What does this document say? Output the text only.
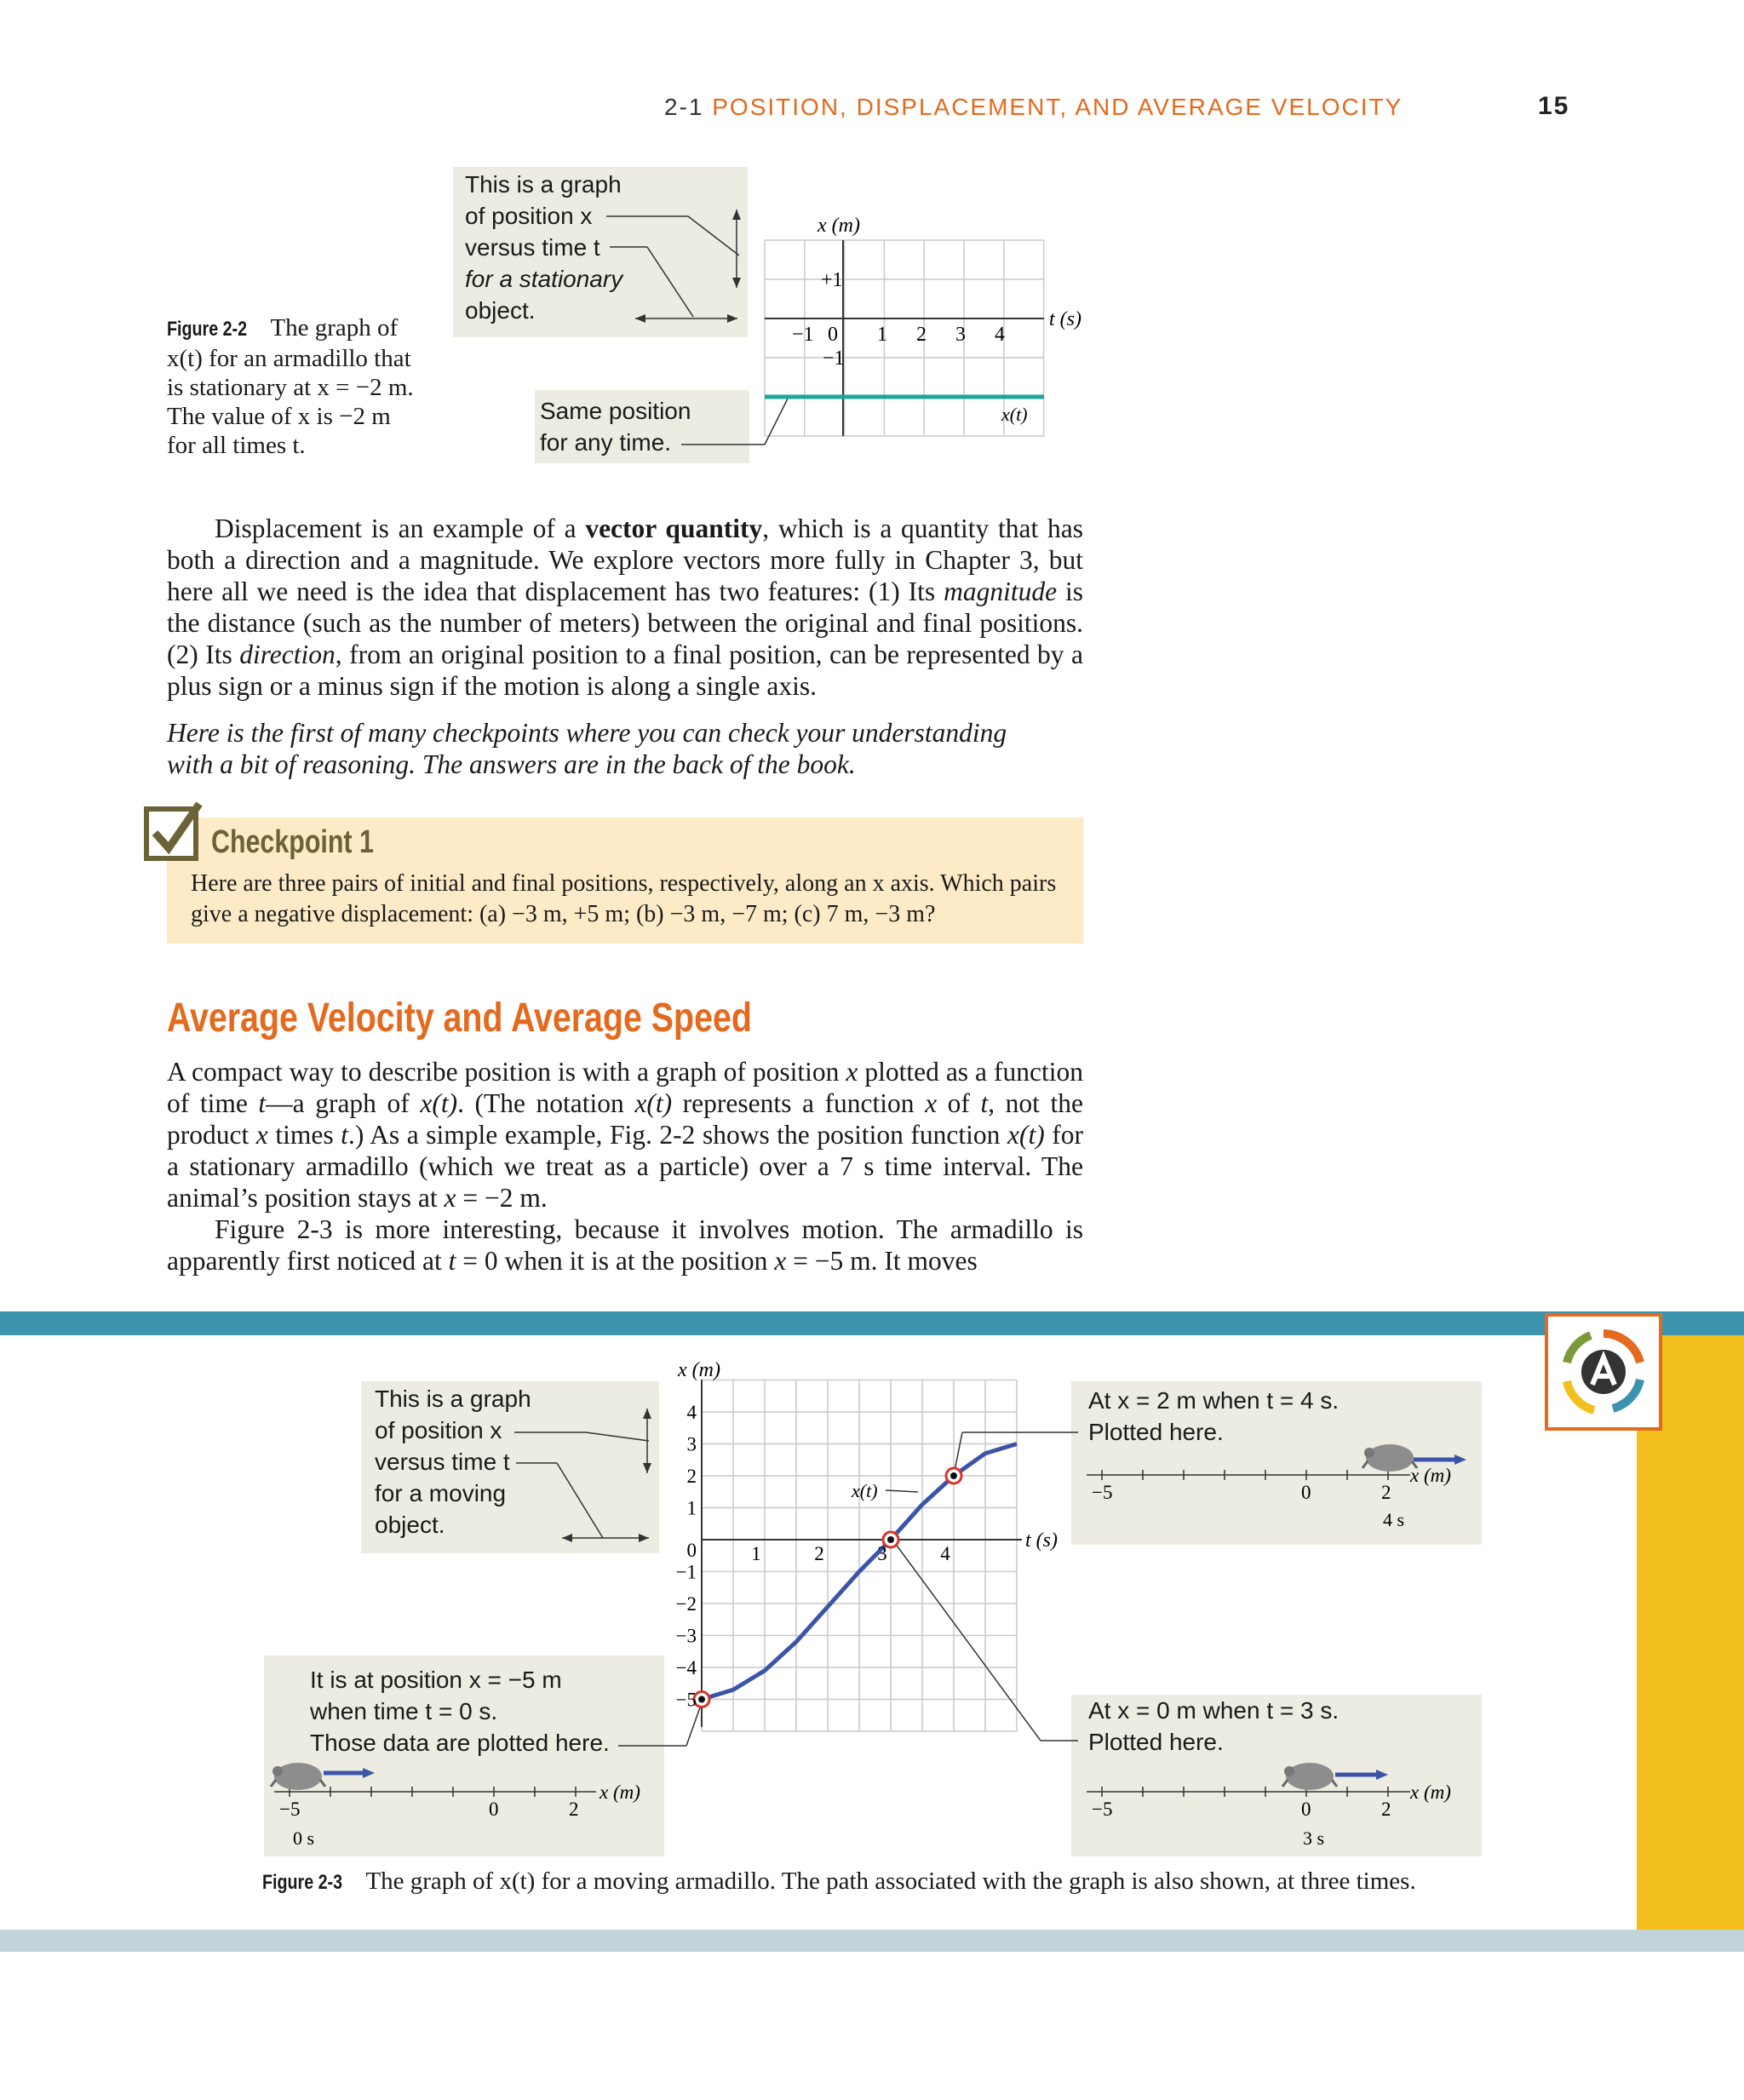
2-1 POSITION, DISPLACEMENT, AND AVERAGE VELOCITY	15
Figure 2-2 The graph of
x(t) for an armadillo that
is stationary at x = −2 m.
The value of x is −2 m
for all times t.
This is a graph
of position x
versus time t
for a stationary
object.
Same position
for any time.
x (m)
t (s)
+1
−1
−1 0 1 2 3 4
x(t)

Displacement is an example of a vector quantity, which is a quantity that has both a direction and a magnitude. We explore vectors more fully in Chapter 3, but here all we need is the idea that displacement has two features: (1) Its magnitude is the distance (such as the number of meters) between the original and final positions. (2) Its direction, from an original position to a final position, can be represented by a plus sign or a minus sign if the motion is along a single axis.

Here is the first of many checkpoints where you can check your understanding with a bit of reasoning. The answers are in the back of the book.
Checkpoint 1
Here are three pairs of initial and final positions, respectively, along an x axis. Which pairs give a negative displacement: (a) −3 m, +5 m; (b) −3 m, −7 m; (c) 7 m, −3 m?
Average Velocity and Average Speed

A compact way to describe position is with a graph of position x plotted as a function of time t—a graph of x(t). (The notation x(t) represents a function x of t, not the product x times t.) As a simple example, Fig. 2-2 shows the position function x(t) for a stationary armadillo (which we treat as a particle) over a 7 s time interval. The animal’s position stays at x = −2 m.

Figure 2-3 is more interesting, because it involves motion. The armadillo is apparently first noticed at t = 0 when it is at the position x = −5 m. It moves

This is a graph
of position x
versus time t
for a moving
object.
It is at position x = −5 m
when time t = 0 s.
Those data are plotted here.
At x = 2 m when t = 4 s.
Plotted here.
At x = 0 m when t = 3 s.
Plotted here.
4
3
2
1
0
−1
−2
−3
−4
−5
1	2	3	4
x (m)
t (s)
x(t)
−5	0	2
x (m)
0 s
−5	0	2
x (m)
4 s
−5	0	2
x (m)
3 s
Figure 2-3 The graph of x(t) for a moving armadillo. The path associated with the graph is also shown, at three times.
